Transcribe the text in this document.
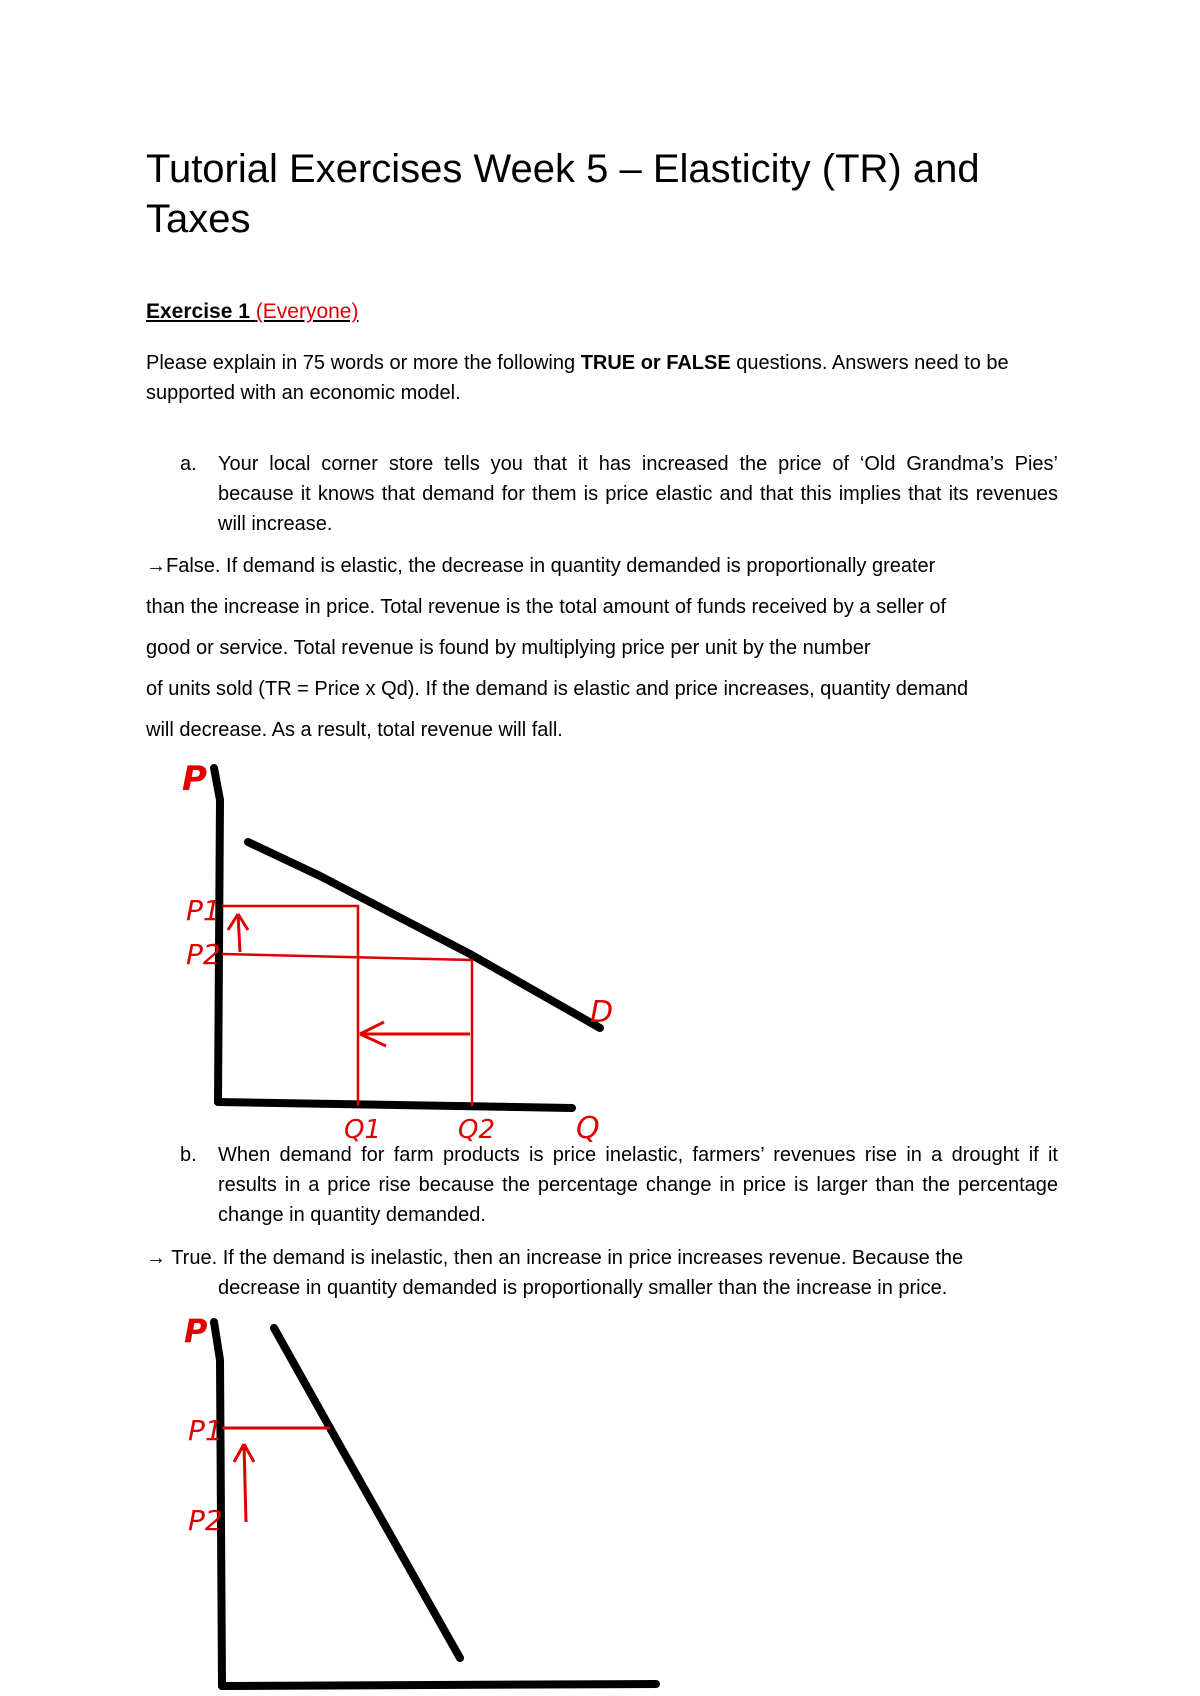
Tutorial Exercises Week 5 – Elasticity (TR) and Taxes
Exercise 1 (Everyone)

Please explain in 75 words or more the following TRUE or FALSE questions. Answers need to be supported with an economic model.

a.	Your local corner store tells you that it has increased the price of ‘Old Grandma’s Pies’ because it knows that demand for them is price elastic and that this implies that its revenues will increase.
→False. If demand is elastic, the decrease in quantity demanded is proportionally greater
than the increase in price. Total revenue is the total amount of funds received by a seller of
good or service. Total revenue is found by multiplying price per unit by the number
of units sold (TR = Price x Qd). If the demand is elastic and price increases, quantity demand
will decrease. As a result, total revenue will fall.
P
D
P1
P2
Q1	Q2	Q
b.	When demand for farm products is price inelastic, farmers’ revenues rise in a drought if it results in a price rise because the percentage change in price is larger than the percentage change in quantity demanded.
→ True. If the demand is inelastic, then an increase in price increases revenue. Because the
decrease in quantity demanded is proportionally smaller than the increase in price.
P
P1
P2
